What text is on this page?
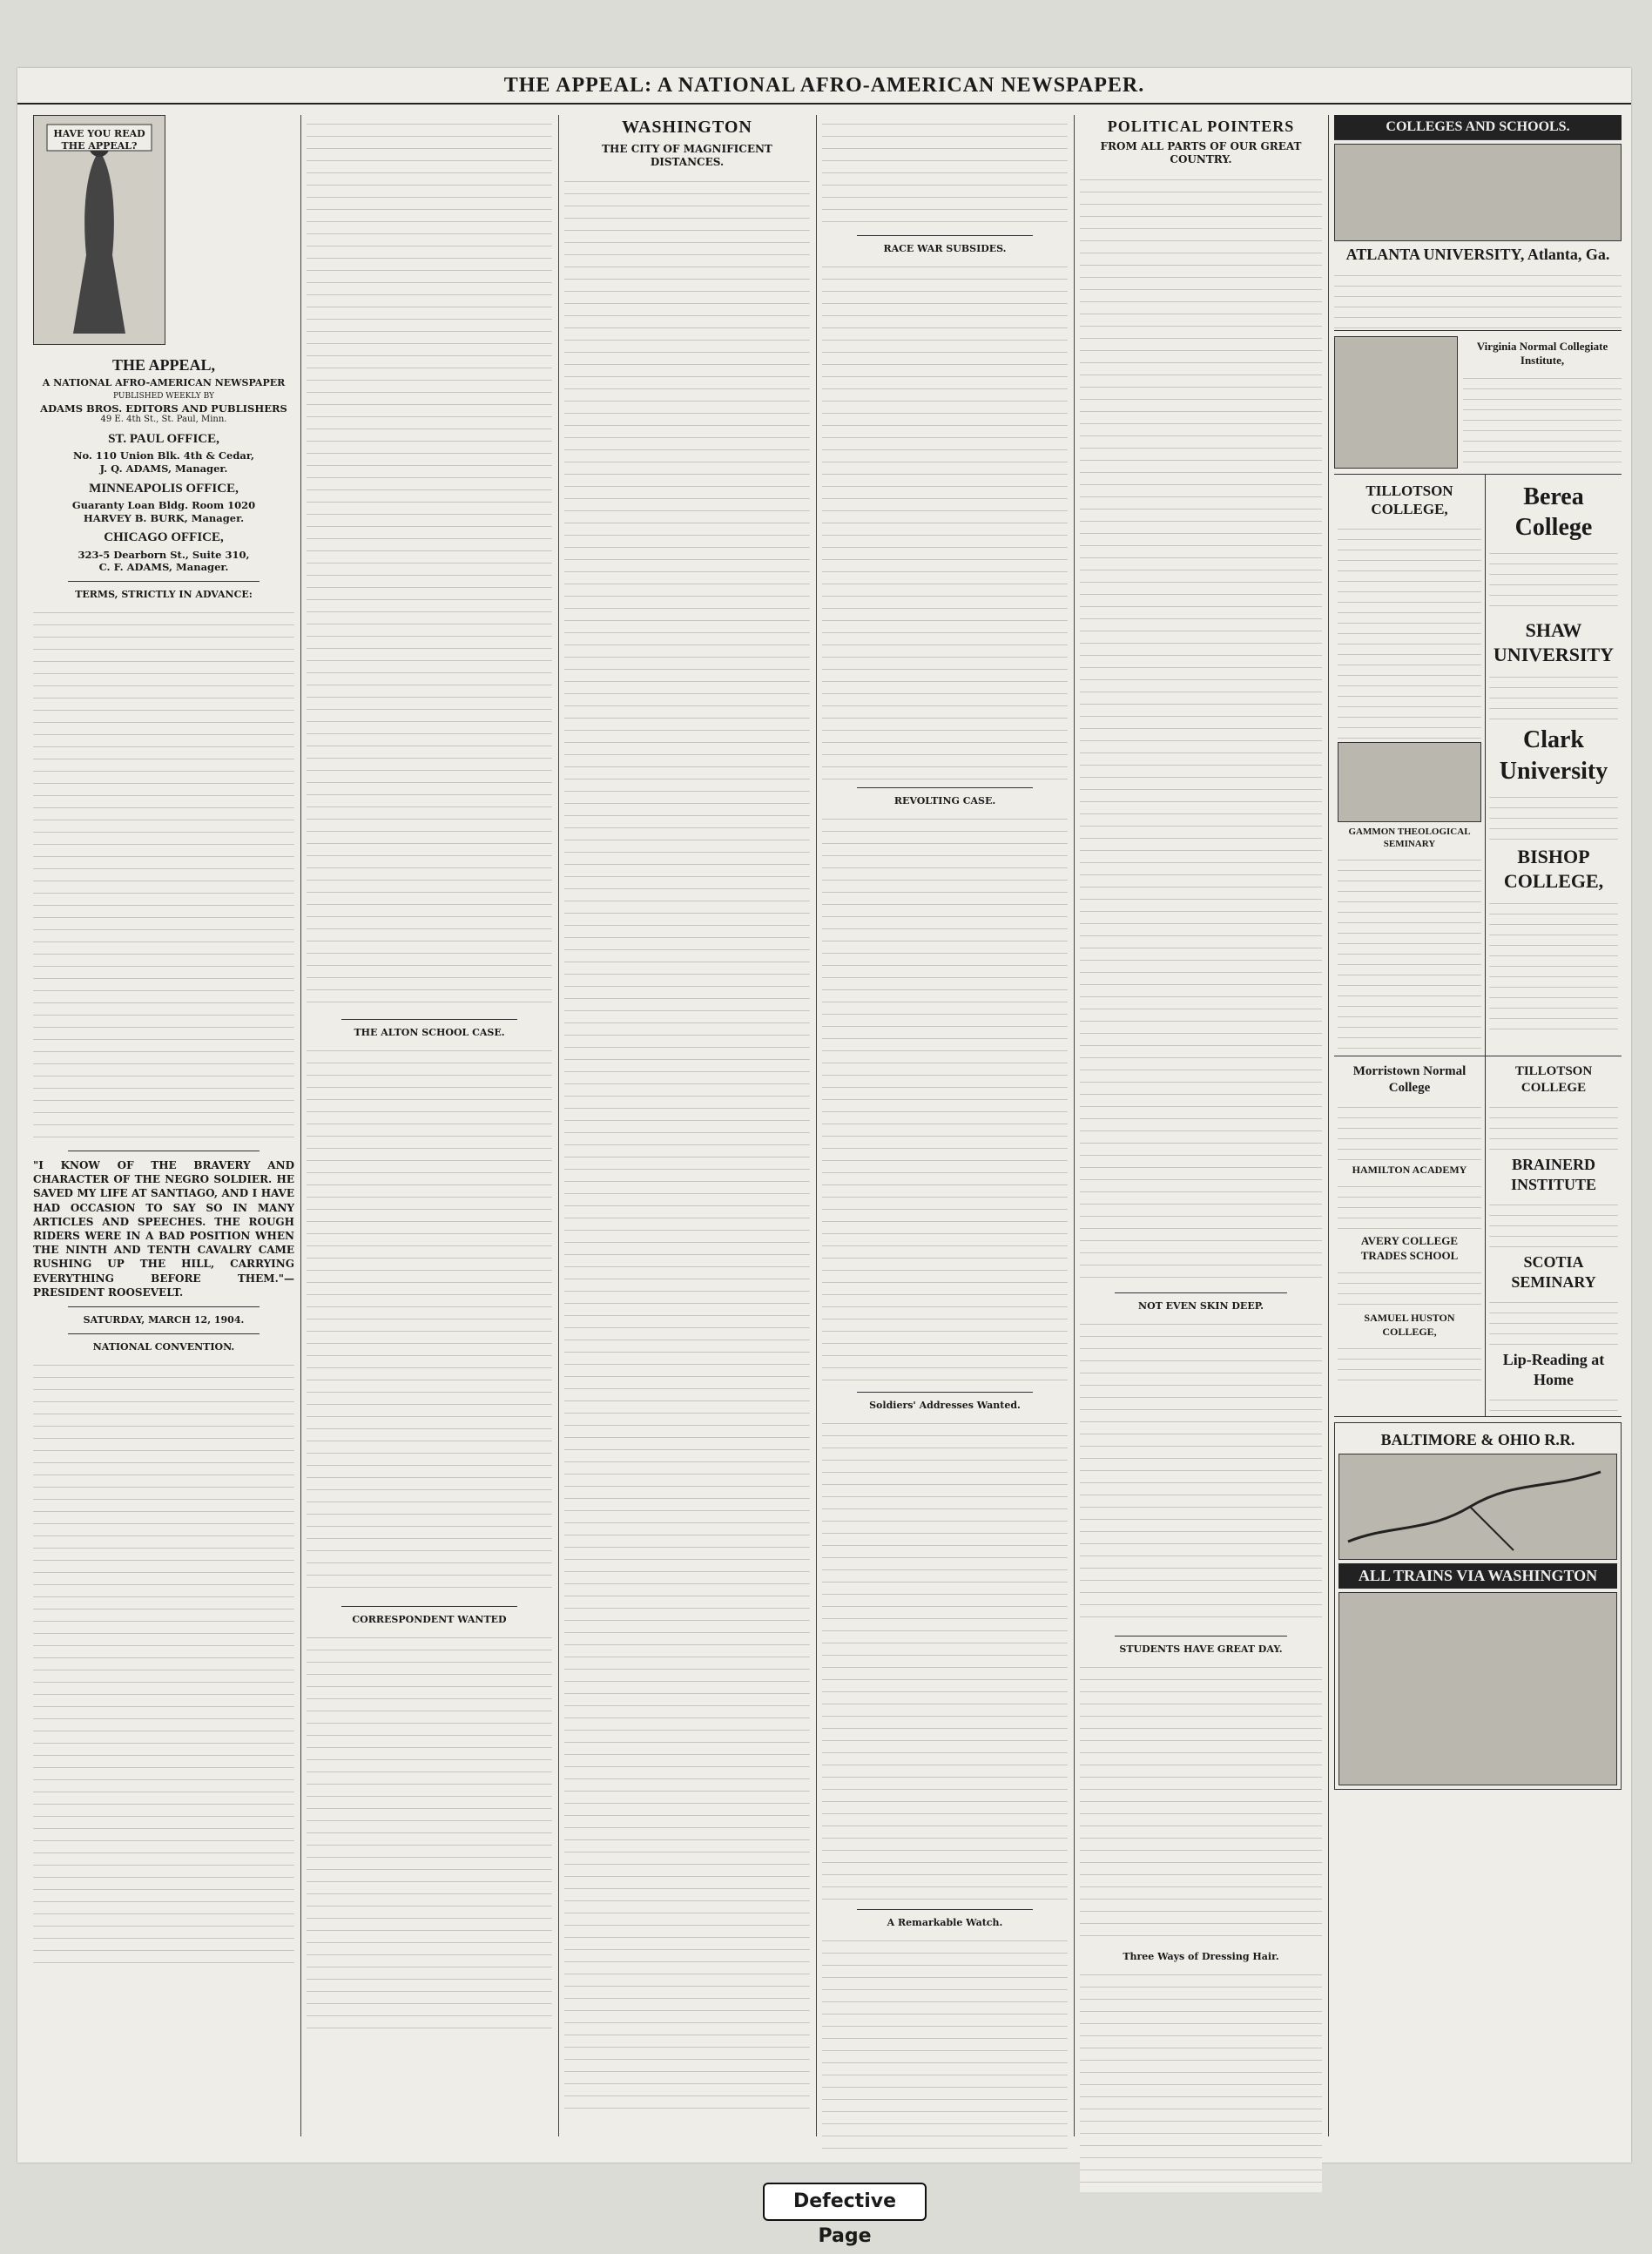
THE APPEAL: A NATIONAL AFRO-AMERICAN NEWSPAPER.
HAVE YOU READ THE APPEAL?
THE APPEAL,
A NATIONAL AFRO-AMERICAN NEWSPAPER
PUBLISHED WEEKLY BY
ADAMS BROS. EDITORS AND PUBLISHERS
49 E. 4th St., St. Paul, Minn.
ST. PAUL OFFICE,
No. 110 Union Blk. 4th & Cedar,
J. Q. ADAMS, Manager.
MINNEAPOLIS OFFICE,
Guaranty Loan Bldg. Room 1020
HARVEY B. BURK, Manager.
CHICAGO OFFICE,
323-5 Dearborn St., Suite 310,
C. F. ADAMS, Manager.
TERMS, STRICTLY IN ADVANCE:

"I KNOW OF THE BRAVERY AND CHARACTER OF THE NEGRO SOLDIER. HE SAVED MY LIFE AT SANTIAGO, AND I HAVE HAD OCCASION TO SAY SO IN MANY ARTICLES AND SPEECHES. THE ROUGH RIDERS WERE IN A BAD POSITION WHEN THE NINTH AND TENTH CAVALRY CAME RUSHING UP THE HILL, CARRYING EVERYTHING BEFORE THEM."—PRESIDENT ROOSEVELT.

SATURDAY, MARCH 12, 1904.
NATIONAL CONVENTION.
THE ALTON SCHOOL CASE.
CORRESPONDENT WANTED
WASHINGTON
THE CITY OF MAGNIFICENT DISTANCES.
RACE WAR SUBSIDES.
REVOLTING CASE.
Soldiers' Addresses Wanted.
A Remarkable Watch.
POLITICAL POINTERS
FROM ALL PARTS OF OUR GREAT COUNTRY.
NOT EVEN SKIN DEEP.
STUDENTS HAVE GREAT DAY.
Three Ways of Dressing Hair.
COLLEGES AND SCHOOLS.
ATLANTA UNIVERSITY, Atlanta, Ga.
Virginia Normal Collegiate Institute,
TILLOTSON COLLEGE,
GAMMON THEOLOGICAL SEMINARY
Berea College
SHAW UNIVERSITY
Clark University
BISHOP COLLEGE,
Morristown Normal College
HAMILTON ACADEMY
AVERY COLLEGE TRADES SCHOOL
SAMUEL HUSTON COLLEGE,
TILLOTSON COLLEGE
BRAINERD INSTITUTE
SCOTIA SEMINARY
Lip-Reading at Home
BALTIMORE & OHIO R.R.
ALL TRAINS VIA WASHINGTON
Defective Page
